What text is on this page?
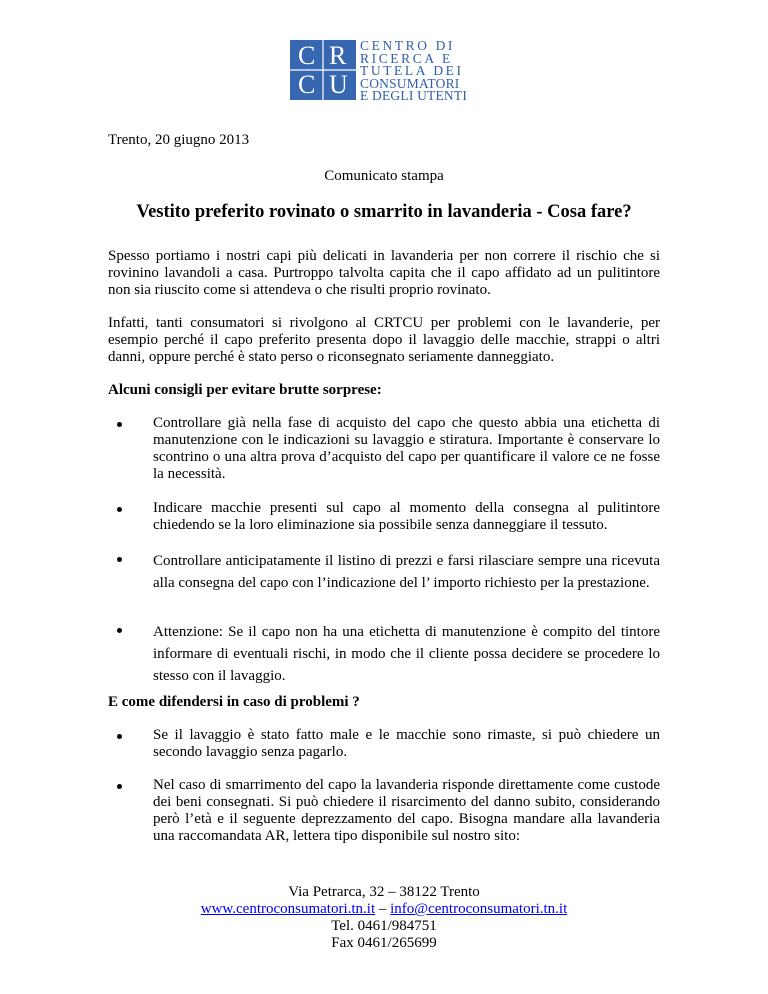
C R
C U
CENTRO DI
RICERCA E
TUTELA DEI
CONSUMATORI
E DEGLI UTENTI
Trento, 20 giugno 2013
Comunicato stampa
Vestito preferito rovinato o smarrito in lavanderia - Cosa fare?
Spesso portiamo i nostri capi più delicati in lavanderia per non correre il rischio che si rovinino lavandoli a casa. Purtroppo talvolta capita che il capo affidato ad un pulitintore non sia riuscito come si attendeva o che risulti proprio rovinato.
Infatti, tanti consumatori si rivolgono al CRTCU per problemi con le lavanderie, per esempio perché il capo preferito presenta dopo il lavaggio delle macchie, strappi o altri danni, oppure perché è stato perso o riconsegnato seriamente danneggiato.
Alcuni consigli per evitare brutte sorprese:
Controllare già nella fase di acquisto del capo che questo abbia una etichetta di manutenzione con le indicazioni su lavaggio e stiratura. Importante è conservare lo scontrino o una altra prova d’acquisto del capo per quantificare il valore ce ne fosse la necessità.
Indicare macchie presenti sul capo al momento della consegna al pulitintore chiedendo se la loro eliminazione sia possibile senza danneggiare il tessuto.
Controllare anticipatamente il listino di prezzi e farsi rilasciare sempre una ricevuta alla consegna del capo con l’indicazione del l’ importo richiesto per la prestazione.
Attenzione: Se il capo non ha una etichetta di manutenzione è compito del tintore informare di eventuali rischi, in modo che il cliente possa decidere se procedere lo stesso con il lavaggio.
E come difendersi in caso di problemi ?
Se il lavaggio è stato fatto male e le macchie sono rimaste, si può chiedere un secondo lavaggio senza pagarlo.
Nel caso di smarrimento del capo la lavanderia risponde direttamente come custode dei beni consegnati. Si può chiedere il risarcimento del danno subito, considerando però l’età e il seguente deprezzamento del capo. Bisogna mandare alla lavanderia una raccomandata AR, lettera tipo disponibile sul nostro sito:
Via Petrarca, 32 – 38122 Trento
www.centroconsumatori.tn.it – info@centroconsumatori.tn.it
Tel. 0461/984751
Fax 0461/265699
